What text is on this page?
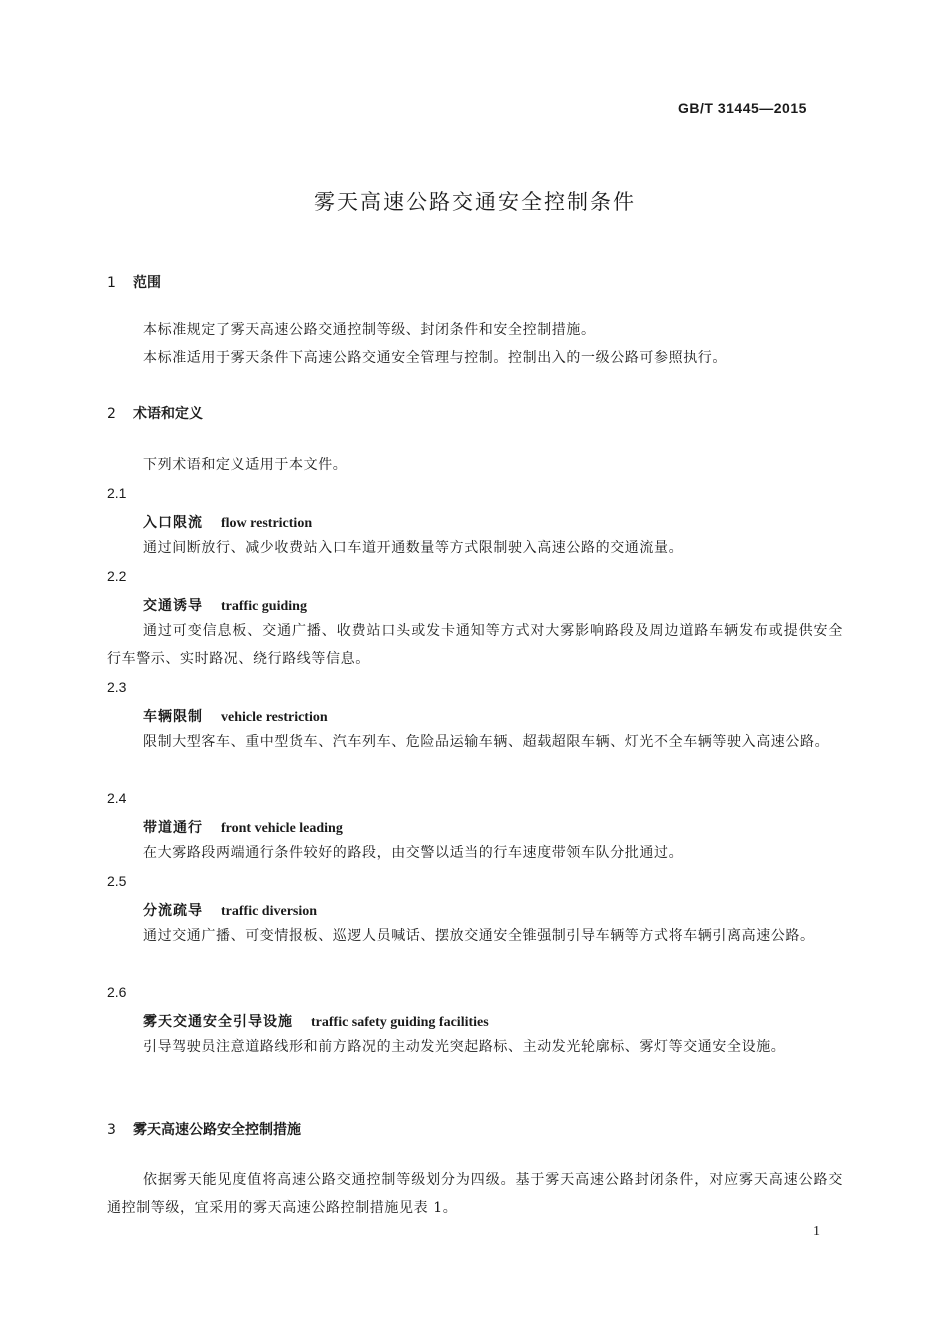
GB/T 31445—2015
雾天高速公路交通安全控制条件
1 范围
本标准规定了雾天高速公路交通控制等级、封闭条件和安全控制措施。
本标准适用于雾天条件下高速公路交通安全管理与控制。控制出入的一级公路可参照执行。
2 术语和定义
下列术语和定义适用于本文件。
2.1
入口限流 flow restriction
通过间断放行、减少收费站入口车道开通数量等方式限制驶入高速公路的交通流量。
2.2
交通诱导 traffic guiding
通过可变信息板、交通广播、收费站口头或发卡通知等方式对大雾影响路段及周边道路车辆发布或提供安全行车警示、实时路况、绕行路线等信息。
2.3
车辆限制 vehicle restriction
限制大型客车、重中型货车、汽车列车、危险品运输车辆、超载超限车辆、灯光不全车辆等驶入高速公路。
2.4
带道通行 front vehicle leading
在大雾路段两端通行条件较好的路段，由交警以适当的行车速度带领车队分批通过。
2.5
分流疏导 traffic diversion
通过交通广播、可变情报板、巡逻人员喊话、摆放交通安全锥强制引导车辆等方式将车辆引离高速公路。
2.6
雾天交通安全引导设施 traffic safety guiding facilities
引导驾驶员注意道路线形和前方路况的主动发光突起路标、主动发光轮廓标、雾灯等交通安全设施。
3 雾天高速公路安全控制措施
依据雾天能见度值将高速公路交通控制等级划分为四级。基于雾天高速公路封闭条件，对应雾天高速公路交通控制等级，宜采用的雾天高速公路控制措施见表 1。
1
